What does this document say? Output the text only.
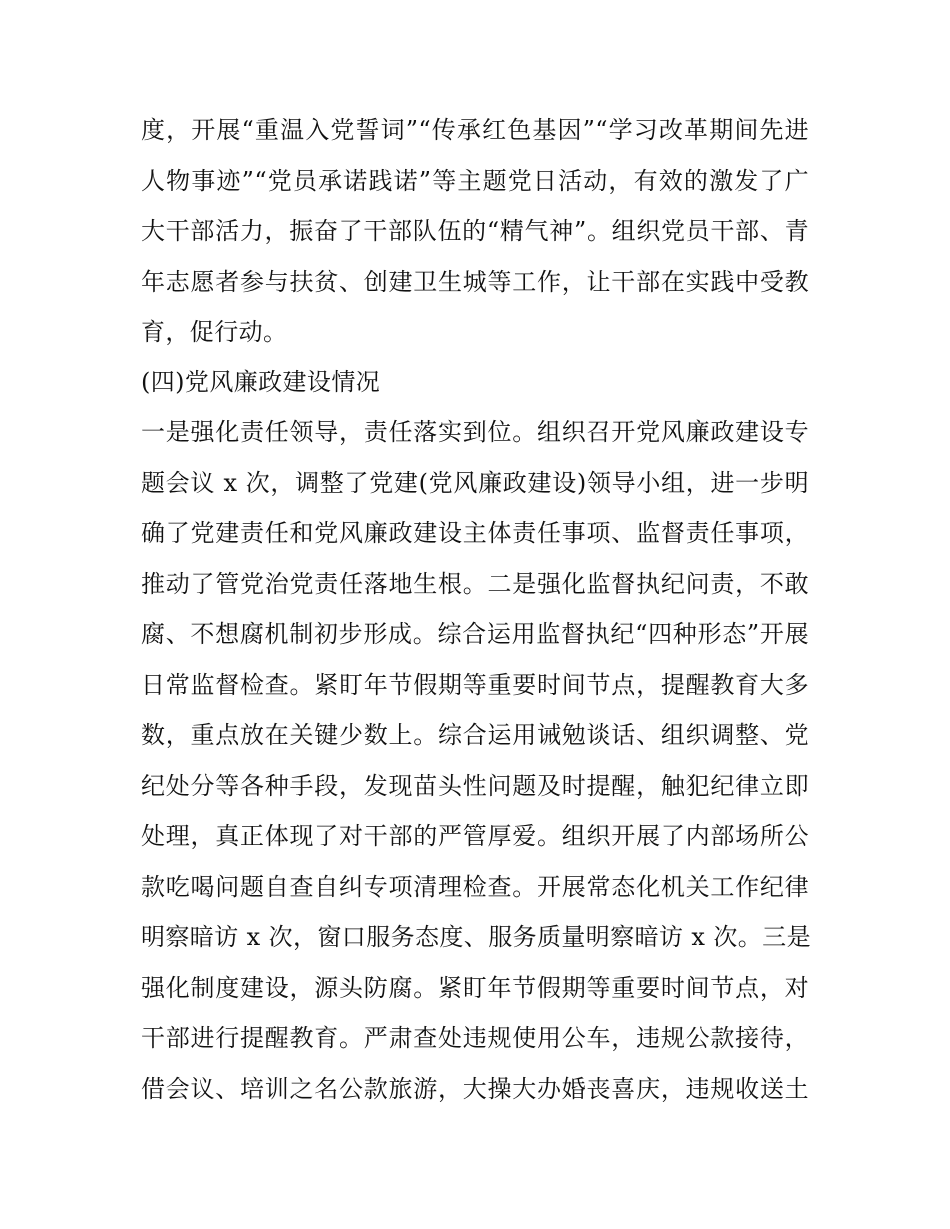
度，开展“重温入党誓词”“传承红色基因”“学习改革期间先进
人物事迹”“党员承诺践诺”等主题党日活动，有效的激发了广
大干部活力，振奋了干部队伍的“精气神”。组织党员干部、青
年志愿者参与扶贫、创建卫生城等工作，让干部在实践中受教
育，促行动。
(四)党风廉政建设情况
一是强化责任领导，责任落实到位。组织召开党风廉政建设专
题会议 x 次，调整了党建(党风廉政建设)领导小组，进一步明
确了党建责任和党风廉政建设主体责任事项、监督责任事项，
推动了管党治党责任落地生根。二是强化监督执纪问责，不敢
腐、不想腐机制初步形成。综合运用监督执纪“四种形态”开展
日常监督检查。紧盯年节假期等重要时间节点，提醒教育大多
数，重点放在关键少数上。综合运用诫勉谈话、组织调整、党
纪处分等各种手段，发现苗头性问题及时提醒，触犯纪律立即
处理，真正体现了对干部的严管厚爱。组织开展了内部场所公
款吃喝问题自查自纠专项清理检查。开展常态化机关工作纪律
明察暗访 x 次，窗口服务态度、服务质量明察暗访 x 次。三是
强化制度建设，源头防腐。紧盯年节假期等重要时间节点，对
干部进行提醒教育。严肃查处违规使用公车，违规公款接待，
借会议、培训之名公款旅游，大操大办婚丧喜庆，违规收送土
